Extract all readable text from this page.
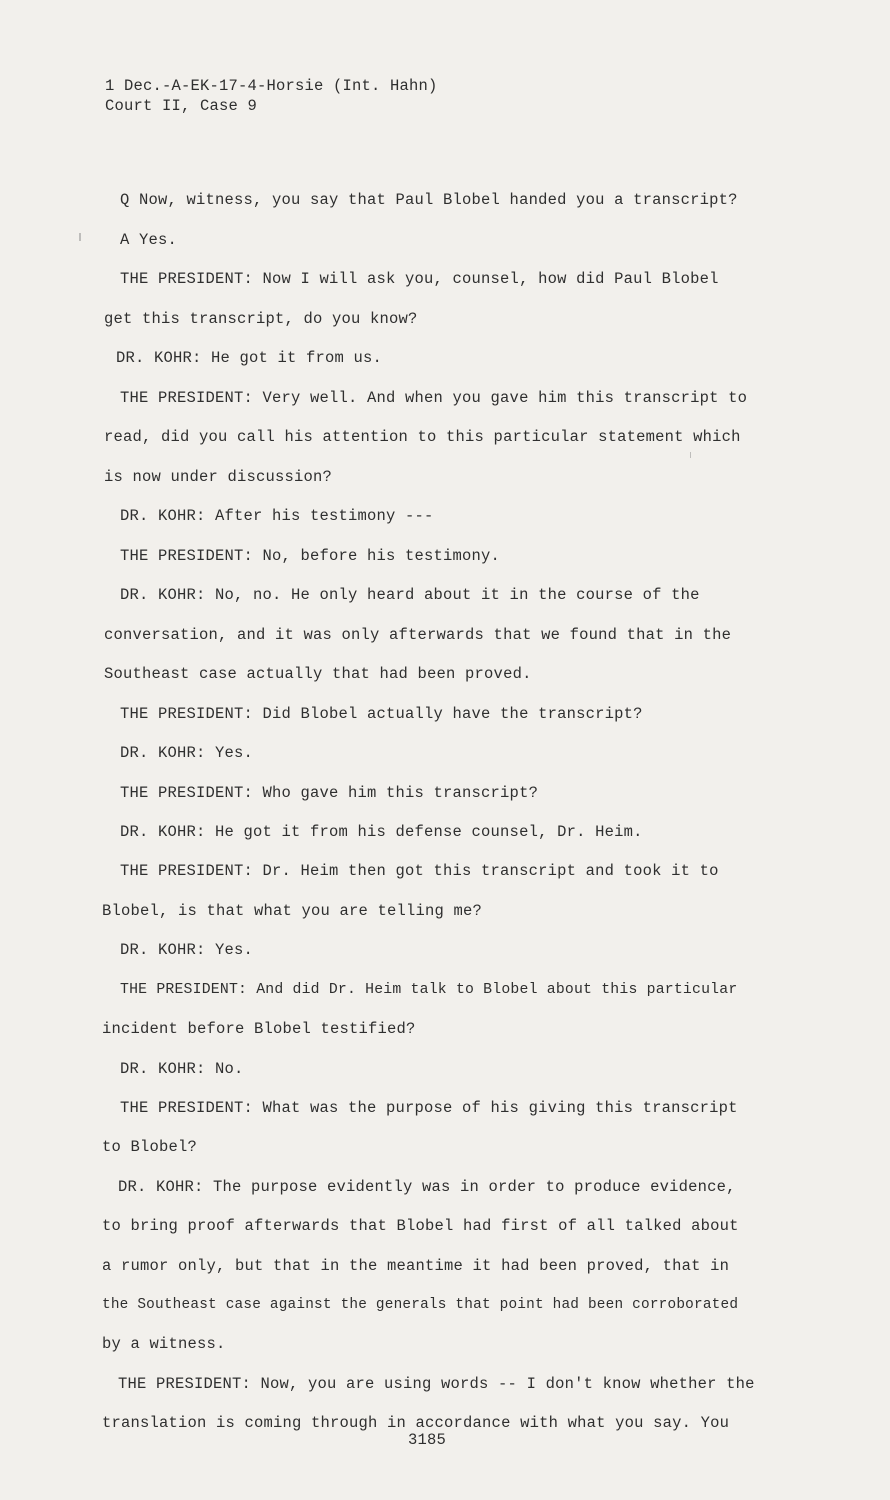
1 Dec.-A-EK-17-4-Horsie (Int. Hahn)
Court II, Case 9
Q Now, witness, you say that Paul Blobel handed you a transcript?
A Yes.
THE PRESIDENT: Now I will ask you, counsel, how did Paul Blobel
get this transcript, do you know?
DR. KOHR: He got it from us.
THE PRESIDENT: Very well. And when you gave him this transcript to
read, did you call his attention to this particular statement which
is now under discussion?
DR. KOHR: After his testimony ---
THE PRESIDENT: No, before his testimony.
DR. KOHR: No, no. He only heard about it in the course of the
conversation, and it was only afterwards that we found that in the
Southeast case actually that had been proved.
THE PRESIDENT: Did Blobel actually have the transcript?
DR. KOHR: Yes.
THE PRESIDENT: Who gave him this transcript?
DR. KOHR: He got it from his defense counsel, Dr. Heim.
THE PRESIDENT: Dr. Heim then got this transcript and took it to
Blobel, is that what you are telling me?
DR. KOHR: Yes.
THE PRESIDENT: And did Dr. Heim talk to Blobel about this particular
incident before Blobel testified?
DR. KOHR: No.
THE PRESIDENT: What was the purpose of his giving this transcript
to Blobel?
DR. KOHR: The purpose evidently was in order to produce evidence,
to bring proof afterwards that Blobel had first of all talked about
a rumor only, but that in the meantime it had been proved, that in
the Southeast case against the generals that point had been corroborated
by a witness.
THE PRESIDENT: Now, you are using words -- I don't know whether the
translation is coming through in accordance with what you say. You
3185
